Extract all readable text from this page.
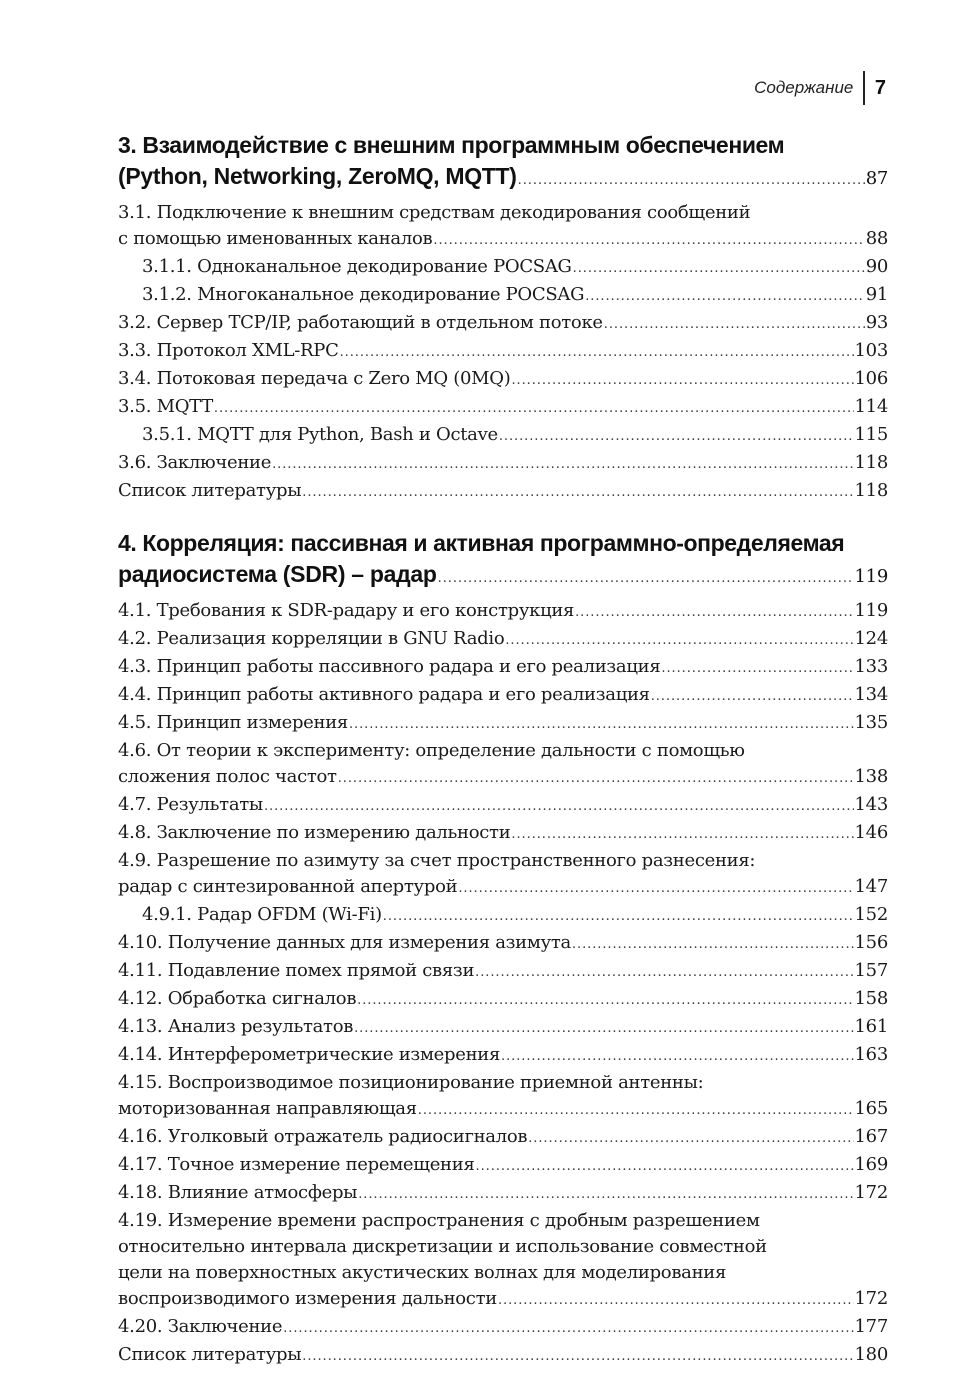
Содержание	7
3. Взаимодействие с внешним программным обеспечением
(Python, Networking, ZeroMQ, MQTT) . . .	87
3.1. Подключение к внешним средствам декодирования сообщений
с помощью именованных каналов . . .	88
3.1.1. Одноканальное декодирование POCSAG . . .	90
3.1.2. Многоканальное декодирование POCSAG . . .	91
3.2. Сервер TCP/IP, работающий в отдельном потоке . . .	93
3.3. Протокол XML-RPC . . .	103
3.4. Потоковая передача с Zero MQ (0MQ) . . .	106
3.5. MQTT . . .	114
3.5.1. MQTT для Python, Bash и Octave . . .	115
3.6. Заключение . . .	118
Список литературы . . .	118
4. Корреляция: пассивная и активная программно-определяемая
радиосистема (SDR) – радар . . .	119
4.1. Требования к SDR-радару и его конструкция . . .	119
4.2. Реализация корреляции в GNU Radio . . .	124
4.3. Принцип работы пассивного радара и его реализация . . .	133
4.4. Принцип работы активного радара и его реализация . . .	134
4.5. Принцип измерения . . .	135
4.6. От теории к эксперименту: определение дальности с помощью
сложения полос частот . . .	138
4.7. Результаты . . .	143
4.8. Заключение по измерению дальности . . .	146
4.9. Разрешение по азимуту за счет пространственного разнесения:
радар с синтезированной апертурой . . .	147
4.9.1. Радар OFDM (Wi-Fi) . . .	152
4.10. Получение данных для измерения азимута . . .	156
4.11. Подавление помех прямой связи . . .	157
4.12. Обработка сигналов . . .	158
4.13. Анализ результатов . . .	161
4.14. Интерферометрические измерения . . .	163
4.15. Воспроизводимое позиционирование приемной антенны:
моторизованная направляющая . . .	165
4.16. Уголковый отражатель радиосигналов . . .	167
4.17. Точное измерение перемещения . . .	169
4.18. Влияние атмосферы . . .	172
4.19. Измерение времени распространения с дробным разрешением
относительно интервала дискретизации и использование совместной
цели на поверхностных акустических волнах для моделирования
воспроизводимого измерения дальности . . .	172
4.20. Заключение . . .	177
Список литературы . . .	180
